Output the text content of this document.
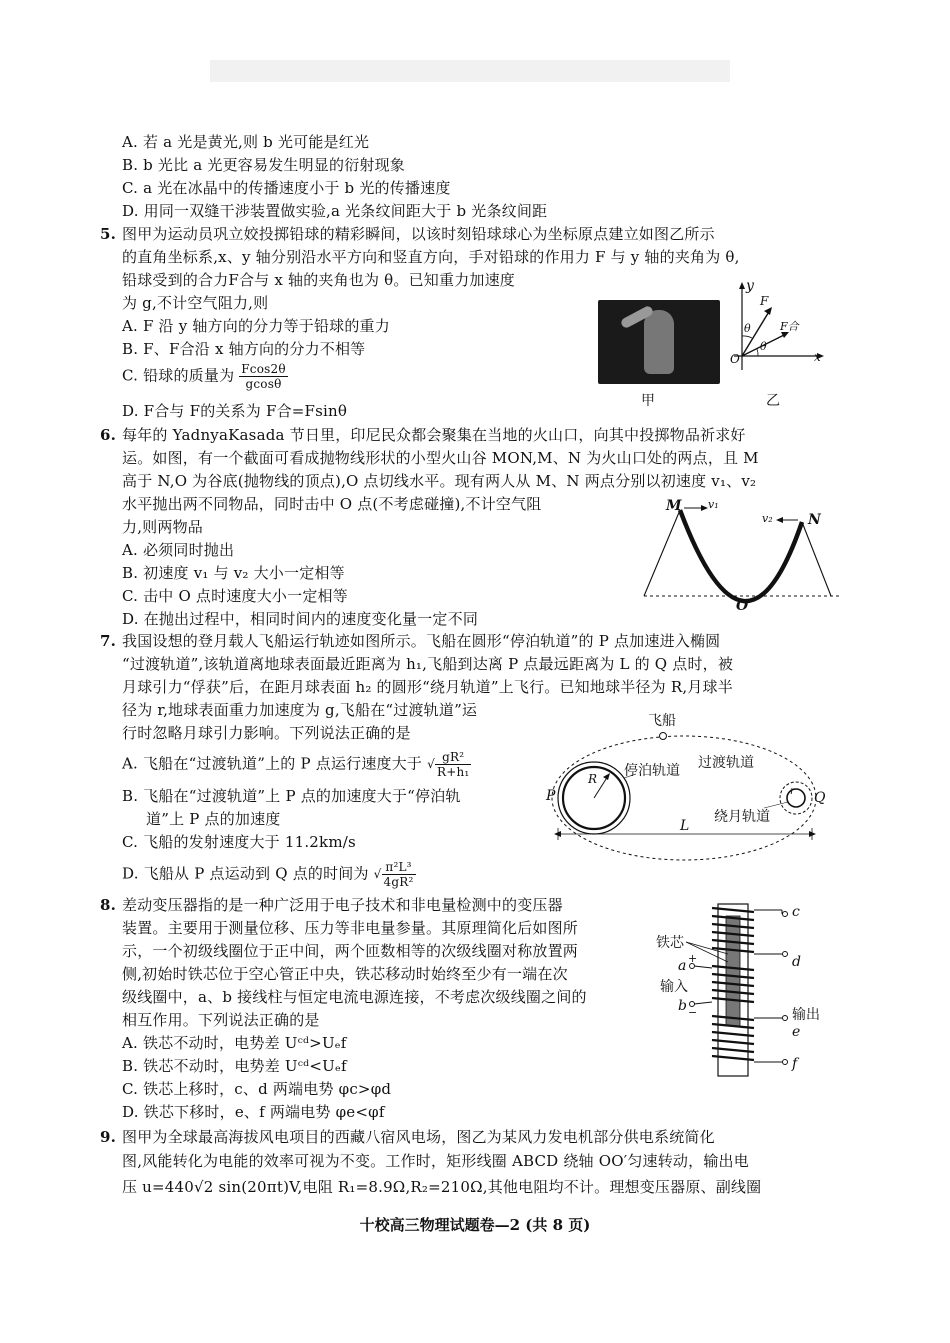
A. 若 a 光是黄光,则 b 光可能是红光
B. b 光比 a 光更容易发生明显的衍射现象
C. a 光在冰晶中的传播速度小于 b 光的传播速度
D. 用同一双缝干涉装置做实验,a 光条纹间距大于 b 光条纹间距
5. 图甲为运动员巩立姣投掷铅球的精彩瞬间，以该时刻铅球球心为坐标原点建立如图乙所示
的直角坐标系,x、y 轴分别沿水平方向和竖直方向，手对铅球的作用力 F 与 y 轴的夹角为 θ,
铅球受到的合力F合与 x 轴的夹角也为 θ。已知重力加速度
为 g,不计空气阻力,则
A. F 沿 y 轴方向的分力等于铅球的重力
B. F、F合沿 x 轴方向的分力不相等
C. 铅球的质量为 $\frac{Fcos2\theta}{gcos\theta}$
D. F合与 F的关系为 F合=Fsinθ
甲
y
x
O
F
F合
θ
θ
乙
6. 每年的 YadnyaKasada 节日里，印尼民众都会聚集在当地的火山口，向其中投掷物品祈求好
运。如图，有一个截面可看成抛物线形状的小型火山谷 MON,M、N 为火山口处的两点，且 M
高于 N,O 为谷底(抛物线的顶点),O 点切线水平。现有两人从 M、N 两点分别以初速度 v₁、v₂
水平抛出两不同物品，同时击中 O 点(不考虑碰撞),不计空气阻
力,则两物品
A. 必须同时抛出
B. 初速度 v₁ 与 v₂ 大小一定相等
C. 击中 O 点时速度大小一定相等
D. 在抛出过程中，相同时间内的速度变化量一定不同
M v₁
v₂	N
O
7. 我国设想的登月载人飞船运行轨迹如图所示。飞船在圆形“停泊轨道”的 P 点加速进入椭圆
“过渡轨道”,该轨道离地球表面最近距离为 h₁,飞船到达离 P 点最远距离为 L 的 Q 点时，被
月球引力“俘获”后，在距月球表面 h₂ 的圆形“绕月轨道”上飞行。已知地球半径为 R,月球半
径为 r,地球表面重力加速度为 g,飞船在“过渡轨道”运
行时忽略月球引力影响。下列说法正确的是
A. 飞船在“过渡轨道”上的 P 点运行速度大于 √ $\frac{\text{gR²}}{\text{R+h₁}}$
B. 飞船在“过渡轨道”上 P 点的加速度大于“停泊轨
道”上 P 点的加速度
C. 飞船的发射速度大于 11.2km/s
D. 飞船从 P 点运动到 Q 点的时间为 √ $\frac{\text{π²L³}}{\text{4gR²}}$
飞船
停泊轨道 过渡轨道
绕月轨道
P	Q
R
r
L
8. 差动变压器指的是一种广泛用于电子技术和非电量检测中的变压器
装置。主要用于测量位移、压力等非电量参量。其原理简化后如图所
示，一个初级线圈位于正中间，两个匝数相等的次级线圈对称放置两
侧,初始时铁芯位于空心管正中央，铁芯移动时始终至少有一端在次
级线圈中，a、b 接线柱与恒定电流电源连接，不考虑次级线圈之间的
相互作用。下列说法正确的是
A. 铁芯不动时，电势差 Uᶜᵈ>Uₑf
B. 铁芯不动时，电势差 Uᶜᵈ<Uₑf
C. 铁芯上移时，c、d 两端电势 φc>φd
D. 铁芯下移时，e、f 两端电势 φe<φf
铁芯
a +
输入
b −	输出
c
d
e
f
9. 图甲为全球最高海拔风电项目的西藏八宿风电场，图乙为某风力发电机部分供电系统简化
图,风能转化为电能的效率可视为不变。工作时，矩形线圈 ABCD 绕轴 OO′匀速转动，输出电
压 u=440√2 sin(20πt)V,电阻 R₁=8.9Ω,R₂=210Ω,其他电阻均不计。理想变压器原、副线圈
十校高三物理试题卷—2 (共 8 页)
